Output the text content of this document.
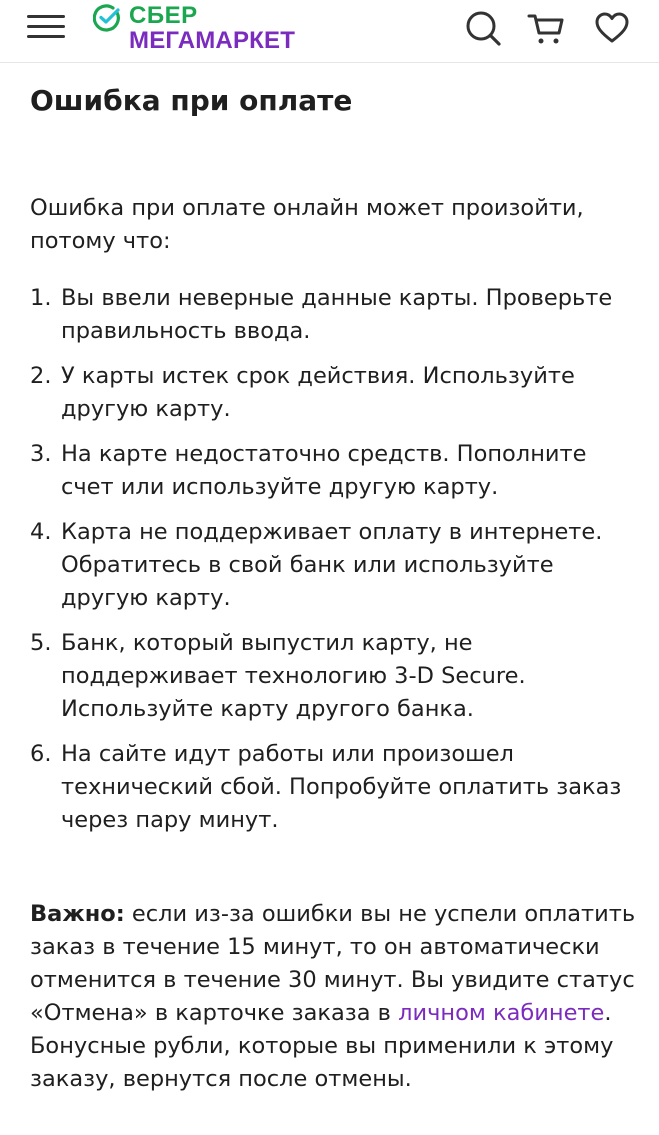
СБЕР
МЕГАМАРКЕТ
Ошибка при оплате

Ошибка при оплате онлайн может произойти, потому что:

1. Вы ввели неверные данные карты. Проверьте правильность ввода.
2. У карты истек срок действия. Используйте другую карту.
3. На карте недостаточно средств. Пополните счет или используйте другую карту.
4. Карта не поддерживает оплату в интернете. Обратитесь в свой банк или используйте другую карту.
5. Банк, который выпустил карту, не поддерживает технологию 3-D Secure. Используйте карту другого банка.
6. На сайте идут работы или произошел технический сбой. Попробуйте оплатить заказ через пару минут.

Важно: если из-за ошибки вы не успели оплатить заказ в течение 15 минут, то он автоматически отменится в течение 30 минут. Вы увидите статус «Отмена» в карточке заказа в личном кабинете. Бонусные рубли, которые вы применили к этому заказу, вернутся после отмены.
